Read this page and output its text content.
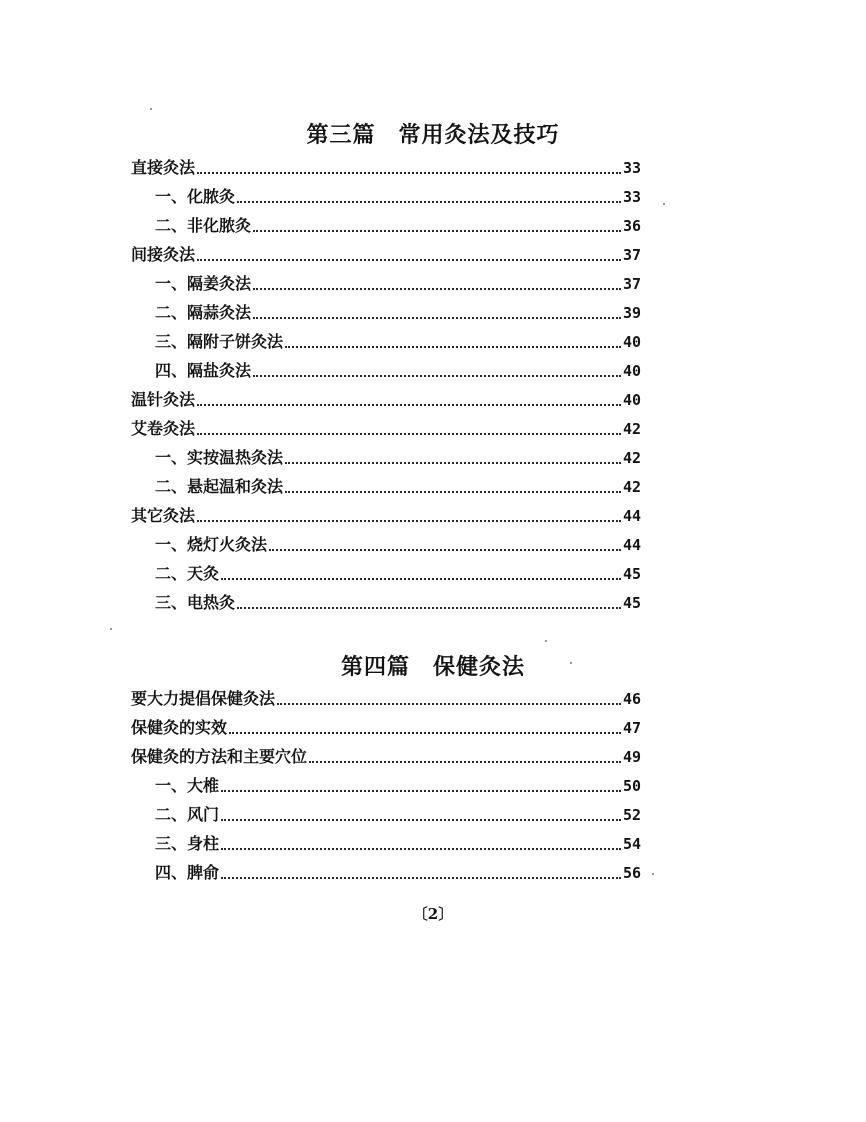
第三篇　常用灸法及技巧
直接灸法	33
一、化脓灸	33
二、非化脓灸	36
间接灸法	37
一、隔姜灸法	37
二、隔蒜灸法	39
三、隔附子饼灸法	40
四、隔盐灸法	40
温针灸法	40
艾卷灸法	42
一、实按温热灸法	42
二、悬起温和灸法	42
其它灸法	44
一、烧灯火灸法	44
二、天灸	45
三、电热灸	45
第四篇　保健灸法
要大力提倡保健灸法	46
保健灸的实效	47
保健灸的方法和主要穴位	49
一、大椎	50
二、风门	52
三、身柱	54
四、脾俞	56
〔2〕
